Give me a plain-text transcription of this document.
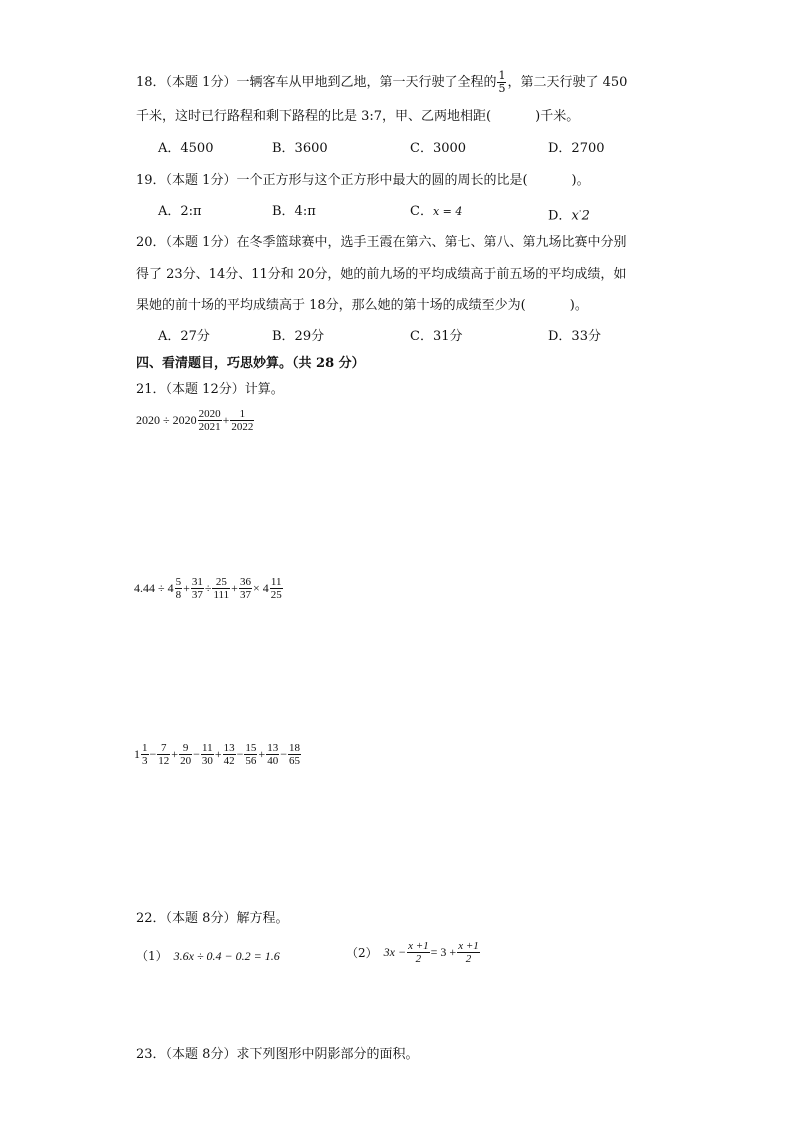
18．（本题 1分）一辆客车从甲地到乙地，第一天行驶了全程的 $\frac{1}{5}$ ，第二天行驶了 450
千米，这时已行路程和剩下路程的比是 3:7，甲、乙两地相距(	)千米。
A．4500	B．3600	C．3000	D．2700
19．（本题 1分）一个正方形与这个正方形中最大的圆的周长的比是(	)。
A．2:π	B．4:π	C．x = 4	D．x·2
20．（本题 1分）在冬季篮球赛中，选手王霞在第六、第七、第八、第九场比赛中分别
得了 23分、14分、11分和 20分，她的前九场的平均成绩高于前五场的平均成绩，如
果她的前十场的平均成绩高于 18分，那么她的第十场的成绩至少为(	)。
A．27分	B．29分	C．31分	D．33分
四、看清题目，巧思妙算。（共 28 分）
21．（本题 12分）计算。
$2020 \div 2020 \frac{2020}{2021} + \frac{1}{2022}$
$4.44 \div 4 \frac{5}{8} + \frac{31}{37} \div \frac{25}{111} + \frac{36}{37} \times 4 \frac{11}{25}$
$1 \frac{1}{3} - \frac{7}{12} + \frac{9}{20} - \frac{11}{30} + \frac{13}{42} - \frac{15}{56} + \frac{13}{40} - \frac{18}{65}$
22．（本题 8分）解方程。
（1） 3.6x ÷ 0.4 − 0.2 = 1.6	（2） $3x - \frac{x +1}{2} = 3 + \frac{x +1}{2}$
23．（本题 8分）求下列图形中阴影部分的面积。
